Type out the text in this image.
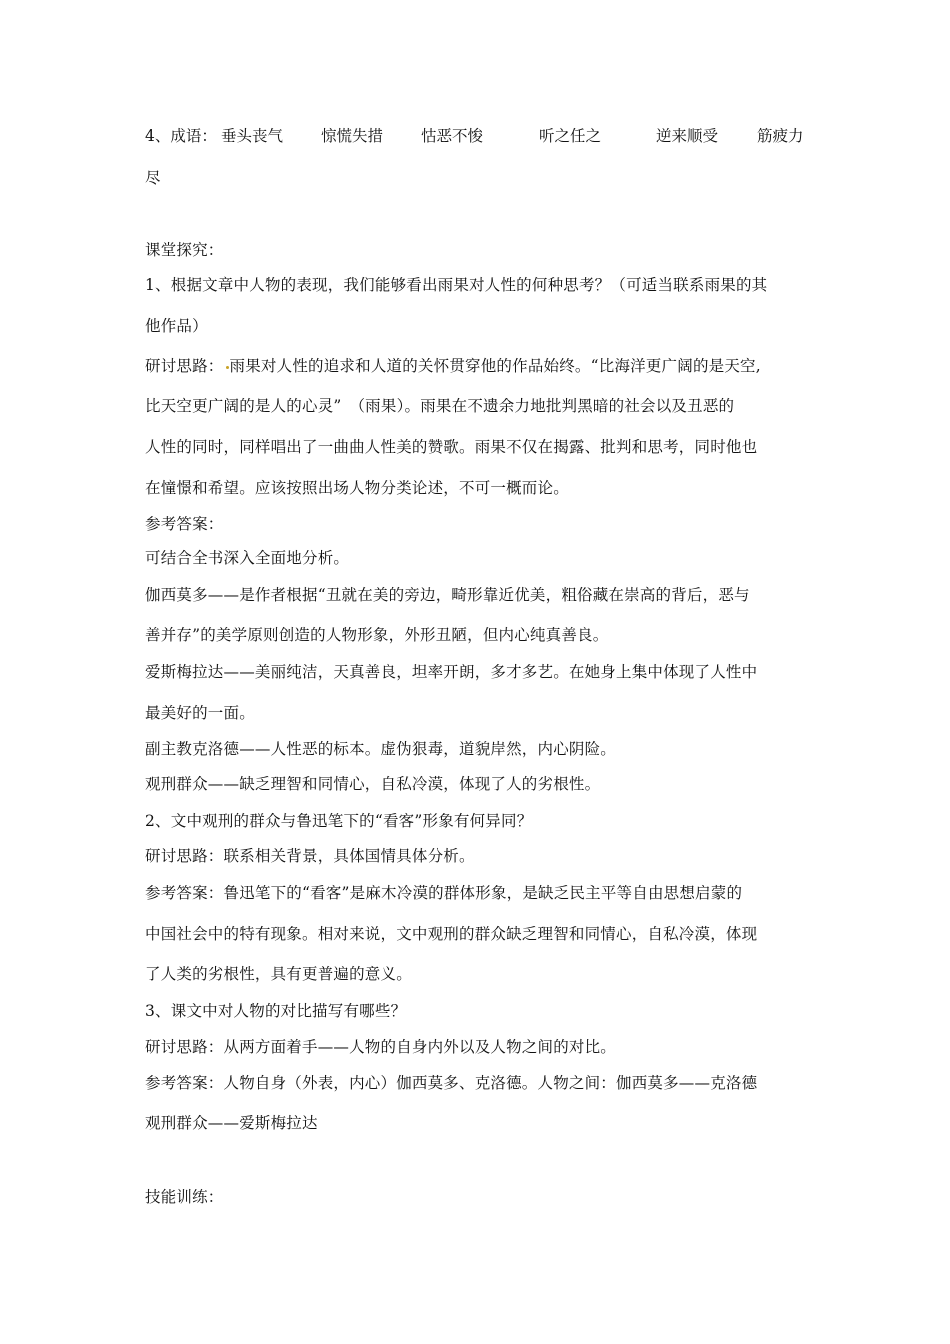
4、成语： 垂头丧气 惊慌失措 怙恶不悛	听之任之	逆来顺受	筋疲力
尽
课堂探究：
1、根据文章中人物的表现，我们能够看出雨果对人性的何种思考？（可适当联系雨果的其
他作品）
研讨思路： 雨果对人性的追求和人道的关怀贯穿他的作品始终。“比海洋更广阔的是天空,
比天空更广阔的是人的心灵”　（雨果）。雨果在不遗余力地批判黑暗的社会以及丑恶的
人性的同时，同样唱出了一曲曲人性美的赞歌。雨果不仅在揭露、批判和思考，同时他也
在憧憬和希望。应该按照出场人物分类论述，不可一概而论。
参考答案：
可结合全书深入全面地分析。
伽西莫多——是作者根据“丑就在美的旁边，畸形靠近优美，粗俗藏在崇高的背后，恶与
善并存”的美学原则创造的人物形象，外形丑陋，但内心纯真善良。
爱斯梅拉达——美丽纯洁，天真善良，坦率开朗，多才多艺。在她身上集中体现了人性中
最美好的一面。
副主教克洛德——人性恶的标本。虚伪狠毒，道貌岸然，内心阴险。
观刑群众——缺乏理智和同情心，自私冷漠，体现了人的劣根性。
2、文中观刑的群众与鲁迅笔下的“看客”形象有何异同？
研讨思路：联系相关背景，具体国情具体分析。
参考答案：鲁迅笔下的“看客”是麻木冷漠的群体形象，是缺乏民主平等自由思想启蒙的
中国社会中的特有现象。相对来说，文中观刑的群众缺乏理智和同情心，自私冷漠，体现
了人类的劣根性，具有更普遍的意义。
3、课文中对人物的对比描写有哪些？
研讨思路：从两方面着手——人物的自身内外以及人物之间的对比。
参考答案：人物自身（外表，内心）伽西莫多、克洛德。人物之间：伽西莫多——克洛德
观刑群众——爱斯梅拉达
技能训练：
